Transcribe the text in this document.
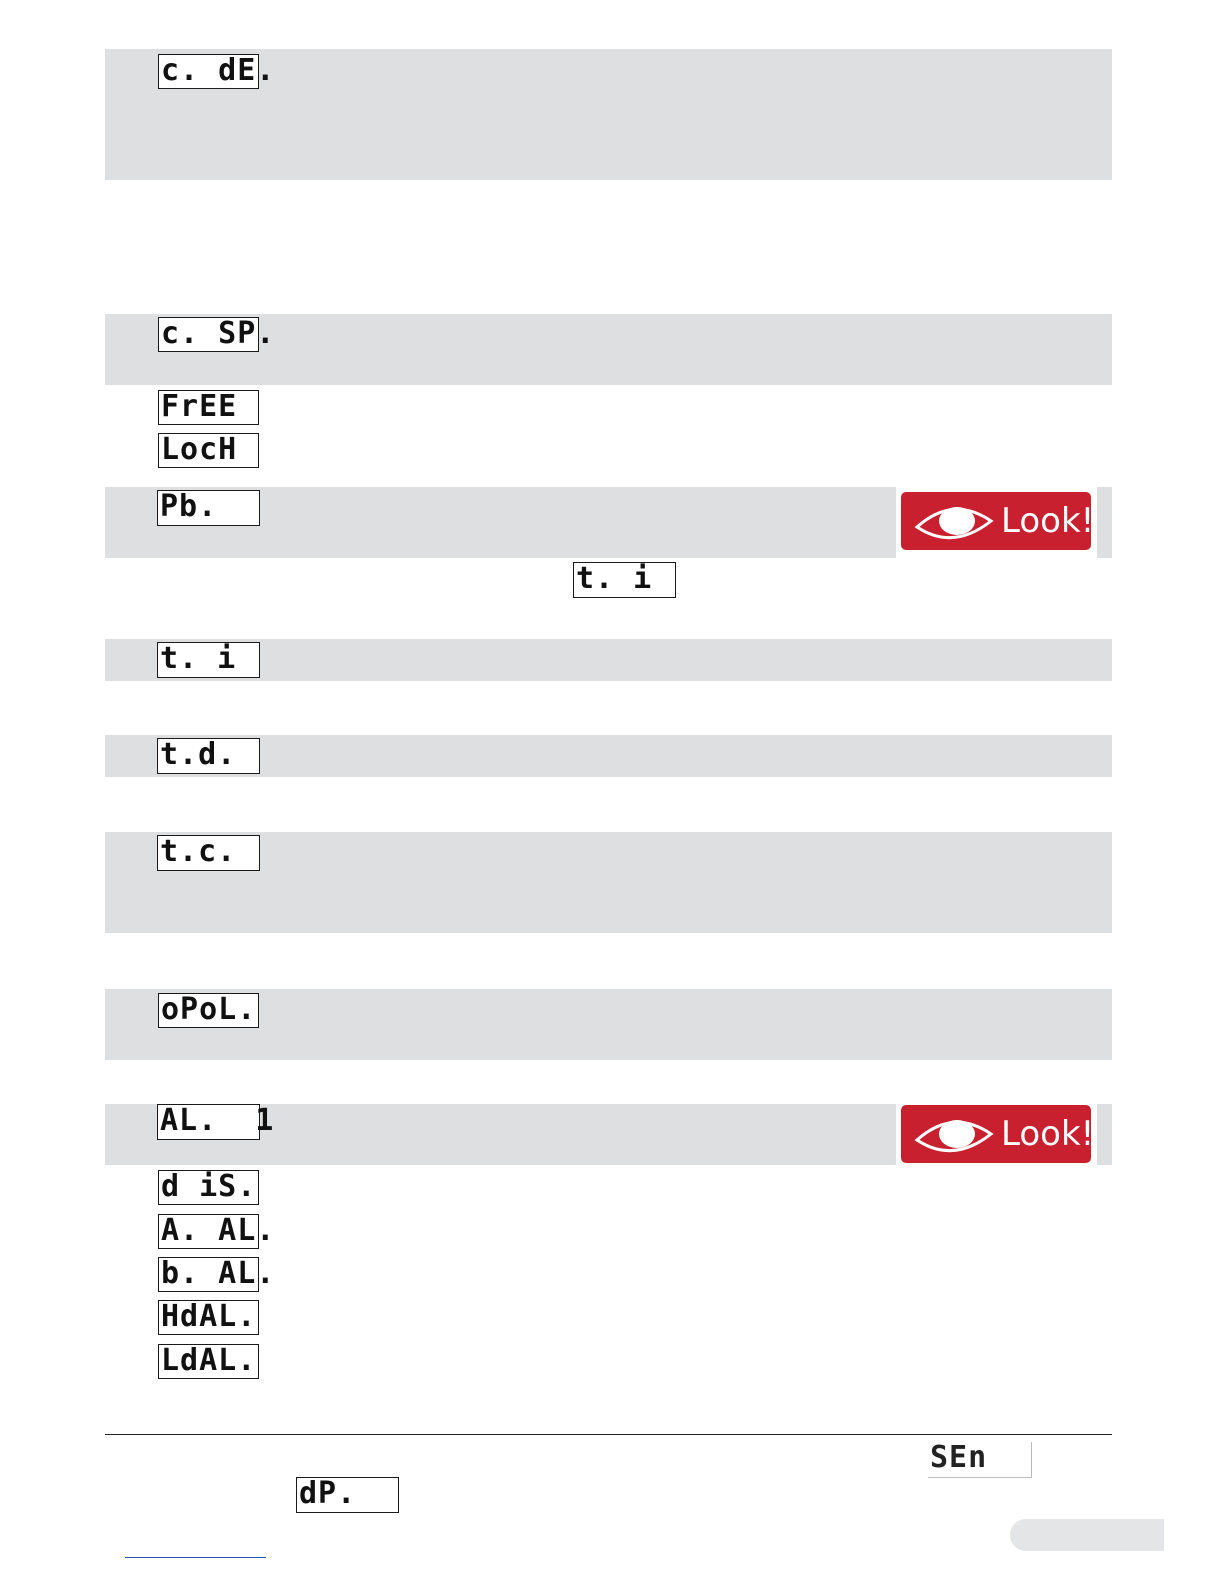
c. dE.
c. SP.
FrEE
LocH
Pb.
t. i
t. i
t.d.
t.c.
oPoL.
AL.  1
d iS.
A. AL.
b. AL.
HdAL.
LdAL.
Look!
Look!
SEn
dP.
